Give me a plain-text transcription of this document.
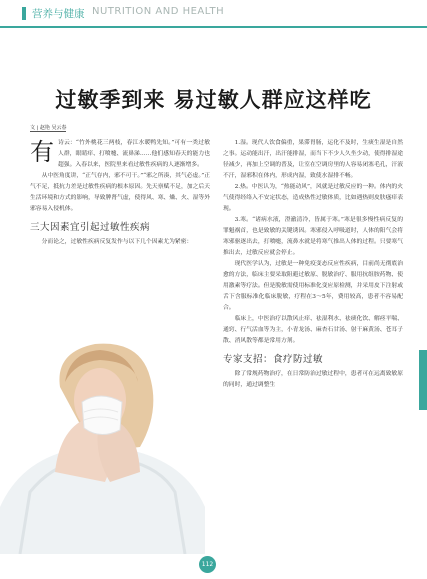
营养与健康 NUTRITION AND HEALTH
过敏季到来 易过敏人群应这样吃
文 | 赵艳 吴云春

有诗云：“竹外桃花三两枝，春江水暖鸭先知。”可有一类过敏人群，眼睛痒、打喷嚏、流鼻涕……他们感知春天的能力也超强。入春以来，医院里来看过敏性疾病的人逐渐增多。

从中医角度讲，“正气存内，邪不可干。”“邪之所凑，其气必虚。”正气不足，抵抗力差是过敏性疾病的根本原因。先天禀赋不足，加之后天生活环境和方式的影响，导致脾肾气虚，使得风、寒、燥、火、湿等外邪容易入侵机体。

三大因素宜引起过敏性疾病

分而论之，过敏性疾病反复发作与以下几个因素尤为紧密：

1.湿。现代人饮食偏重，果滞胃肠，运化不及时，生痰生湿是自然之事。运动能出汗，出汗能排湿，而当下不少人久坐少动，使得排湿途径减少，再加上空调的普及，让室在空调房里的人容易闭塞毛孔，汗液不汗，湿邪积在体内，形成内湿，致使水湿排不畅。

2.热。中医认为，“热能动风”，风就是过敏反应的一种。体内的火气使得经络入不安定状态，造成热性过敏体质，比如遇热则皮肤瘙痒表现。

3.寒。“诸病水液，澄澈清冷，皆属于寒。”寒是很多慢性病反复的罪魁祸首，也是致敏的关键诱因。寒邪侵入呼吸道时，人体的阳气会将寒邪驱逐出去，打喷嚏，流鼻水就是将寒气推出人体的过程。只要寒气推出去，过敏反应就会停止。

现代医学认为，过敏是一种免疫变态反应性疾病，目前尚无彻底治愈的方法，临床主要采取阻避过敏原、脱敏治疗、服用抗组胺药物、使用激素等疗法。但是脱敏需使用标准化变应原检测，并采用皮下注射或舌下含服标准化临床脱敏，疗程在3～5年，费用较高，患者不容易配合。

临床上，中医治疗以散风止痒、祛湿利水、祛痰化饮、解痉平喘、通窍、行气活血等为主，小青龙汤、麻杏石甘汤、射干麻黄汤、苍耳子散、消风散等都是常用方剂。

专家支招：食疗防过敏

除了常规药物治疗，在日常防治过敏过程中，患者可在远离致敏原的同时，通过调整生

112
